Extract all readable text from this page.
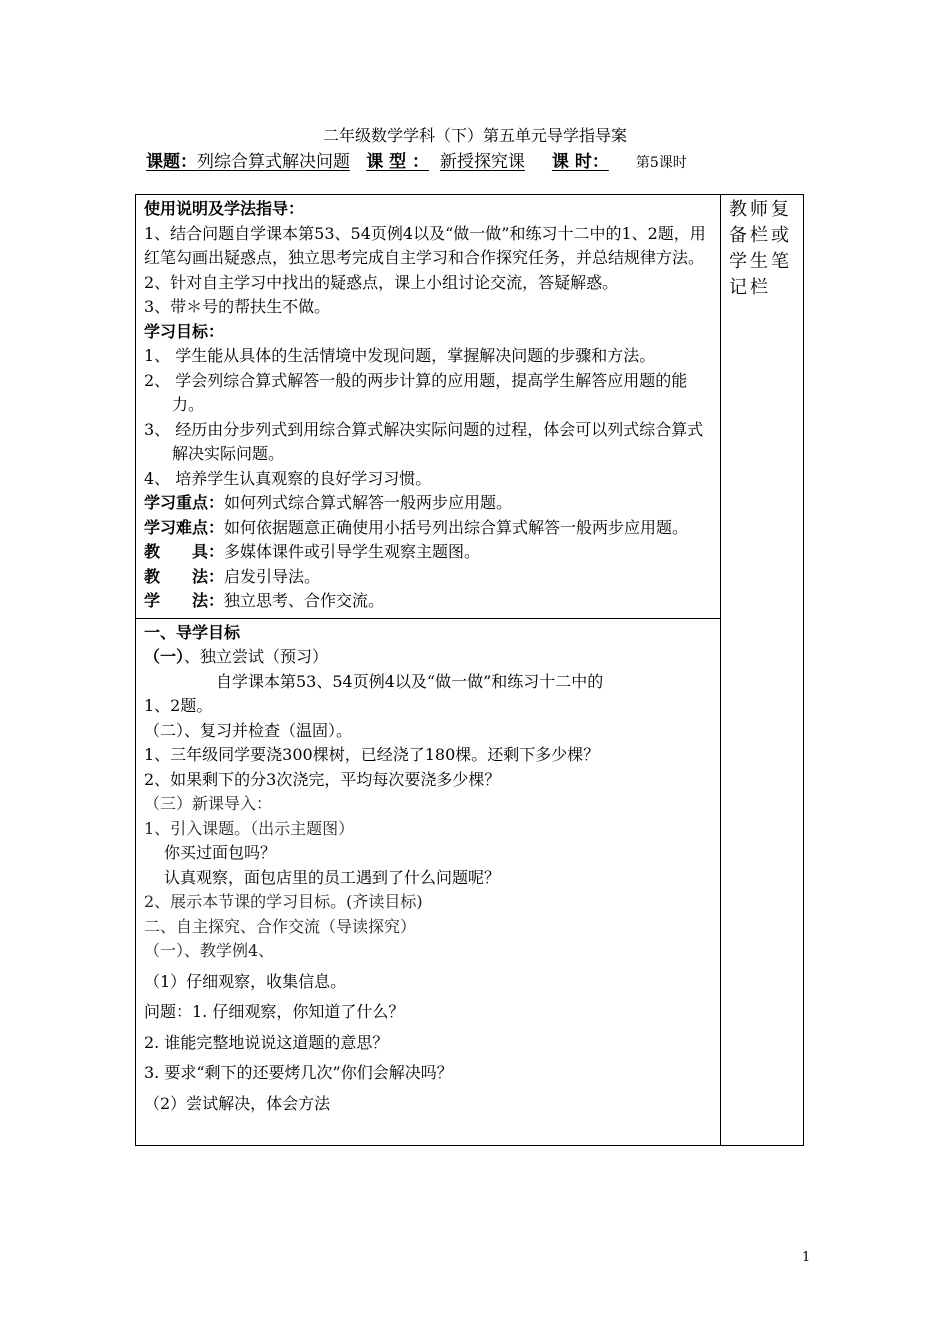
二年级数学学科（下）第五单元导学指导案
课题：列综合算式解决问题 课 型 ： 新授探究课 课 时： 第5课时
使用说明及学法指导：
1、结合问题自学课本第53、54页例4以及“做一做”和练习十二中的1、2题，用红笔勾画出疑惑点，独立思考完成自主学习和合作探究任务，并总结规律方法。
2、针对自主学习中找出的疑惑点，课上小组讨论交流，答疑解惑。
3、带＊号的帮扶生不做。
学习目标：
1、 学生能从具体的生活情境中发现问题，掌握解决问题的步骤和方法。
2、 学会列综合算式解答一般的两步计算的应用题，提高学生解答应用题的能力。
3、 经历由分步列式到用综合算式解决实际问题的过程，体会可以列式综合算式解决实际问题。
4、 培养学生认真观察的良好学习习惯。
学习重点：如何列式综合算式解答一般两步应用题。
学习难点：如何依据题意正确使用小括号列出综合算式解答一般两步应用题。
教　　具：多媒体课件或引导学生观察主题图。
教　　法：启发引导法。
学　　法：独立思考、合作交流。

教师复备栏或学生笔记栏

一、导学目标
（一）、独立尝试（预习）
自学课本第53、54页例4以及“做一做”和练习十二中的
1、2题。
（二）、复习并检查（温固）。
1、三年级同学要浇300棵树，已经浇了180棵。还剩下多少棵？
2、如果剩下的分3次浇完，平均每次要浇多少棵？
（三）新课导入：
1、引入课题。（出示主题图）
你买过面包吗？
认真观察，面包店里的员工遇到了什么问题呢？
2、展示本节课的学习目标。(齐读目标)
二、自主探究、合作交流（导读探究）
（一）、教学例4、
（1）仔细观察，收集信息。
问题：1. 仔细观察，你知道了什么？
2. 谁能完整地说说这道题的意思？
3. 要求“剩下的还要烤几次”你们会解决吗？
（2）尝试解决，体会方法
1
